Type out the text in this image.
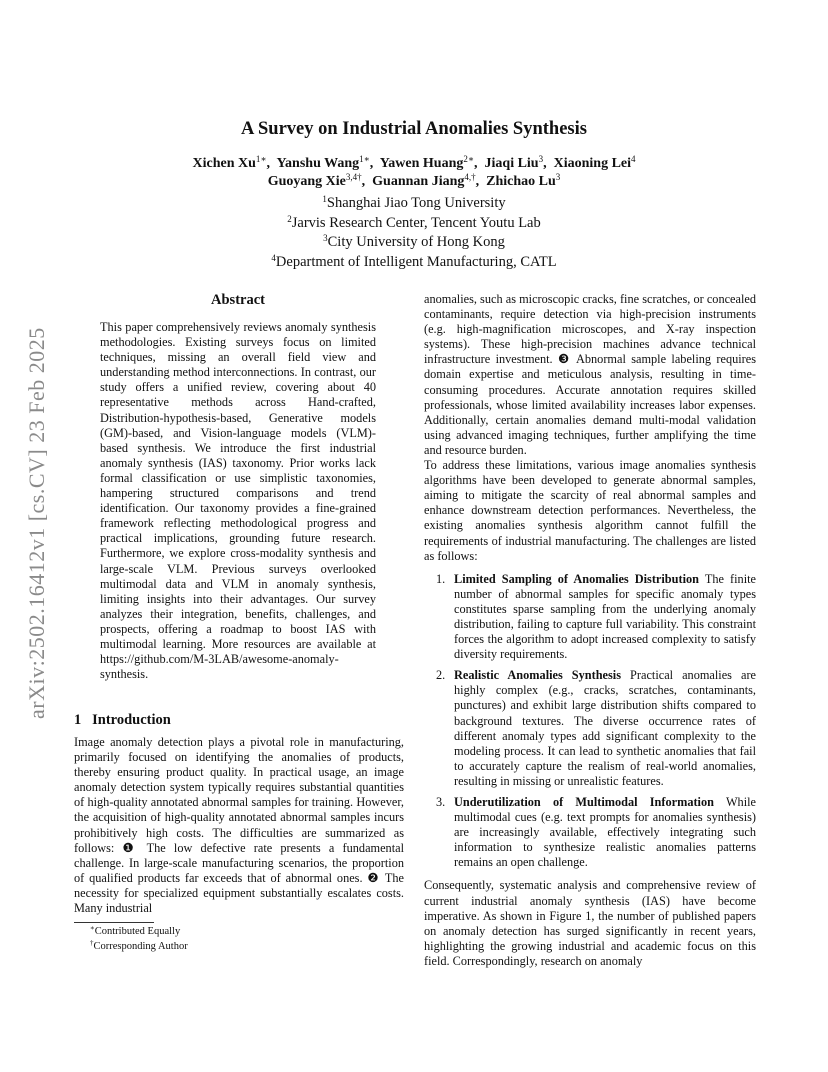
arXiv:2502.16412v1 [cs.CV] 23 Feb 2025
A Survey on Industrial Anomalies Synthesis
Xichen $Xu^{1∗}$,  Yanshu Wang$^{1∗}$,  Yawen Huang$^{2∗}$,  Jiaqi Liu$^3$,  Xiaoning Lei$^4$
Guoyang Xie$^{3,4\dagger}$,  Guannan Jiang$^{4,\dagger}$,  Zhichao Lu$^3$
$^1$Shanghai Jiao Tong University
$^2$Jarvis Research Center, Tencent Youtu Lab
$^3$City University of Hong Kong
$^4$Department of Intelligent Manufacturing, CATL
Abstract

This paper comprehensively reviews anomaly synthesis methodologies. Existing surveys focus on limited techniques, missing an overall field view and understanding method interconnections. In contrast, our study offers a unified review, covering about 40 representative methods across Hand-crafted, Distribution-hypothesis-based, Generative models (GM)-based, and Vision-language models (VLM)-based synthesis. We introduce the first industrial anomaly synthesis (IAS) taxonomy. Prior works lack formal classification or use simplistic taxonomies, hampering structured comparisons and trend identification. Our taxonomy provides a fine-grained framework reflecting methodological progress and practical implications, grounding future research. Furthermore, we explore cross-modality synthesis and large-scale VLM. Previous surveys overlooked multimodal data and VLM in anomaly synthesis, limiting insights into their advantages. Our survey analyzes their integration, benefits, challenges, and prospects, offering a roadmap to boost IAS with multimodal learning. More resources are available at https://github.com/M-3LAB/awesome-anomaly-synthesis.

1 Introduction

Image anomaly detection plays a pivotal role in manufacturing, primarily focused on identifying the anomalies of products, thereby ensuring product quality. In practical usage, an image anomaly detection system typically requires substantial quantities of high-quality annotated abnormal samples for training. However, the acquisition of high-quality annotated abnormal samples incurs prohibitively high costs. The difficulties are summarized as follows: ❶ The low defective rate presents a fundamental challenge. In large-scale manufacturing scenarios, the proportion of qualified products far exceeds that of abnormal ones. ❷ The necessity for specialized equipment substantially escalates costs. Many industrial

∗Contributed Equally
†Corresponding Author

anomalies, such as microscopic cracks, fine scratches, or concealed contaminants, require detection via high-precision instruments (e.g. high-magnification microscopes, and X-ray inspection systems). These high-precision machines advance technical infrastructure investment. ❸ Abnormal sample labeling requires domain expertise and meticulous analysis, resulting in time-consuming procedures. Accurate annotation requires skilled professionals, whose limited availability increases labor expenses. Additionally, certain anomalies demand multi-modal validation using advanced imaging techniques, further amplifying the time and resource burden.

To address these limitations, various image anomalies synthesis algorithms have been developed to generate abnormal samples, aiming to mitigate the scarcity of real abnormal samples and enhance downstream detection performances. Nevertheless, the existing anomalies synthesis algorithm cannot fulfill the requirements of industrial manufacturing. The challenges are listed as follows:

1. Limited Sampling of Anomalies Distribution The finite number of abnormal samples for specific anomaly types constitutes sparse sampling from the underlying anomaly distribution, failing to capture full variability. This constraint forces the algorithm to adopt increased complexity to satisfy diversity requirements.
2. Realistic Anomalies Synthesis Practical anomalies are highly complex (e.g., cracks, scratches, contaminants, punctures) and exhibit large distribution shifts compared to background textures. The diverse occurrence rates of different anomaly types add significant complexity to the modeling process. It can lead to synthetic anomalies that fail to accurately capture the realism of real-world anomalies, resulting in missing or unrealistic features.
3. Underutilization of Multimodal Information While multimodal cues (e.g. text prompts for anomalies synthesis) are increasingly available, effectively integrating such information to synthesize realistic anomalies patterns remains an open challenge.

Consequently, systematic analysis and comprehensive review of current industrial anomaly synthesis (IAS) have become imperative. As shown in Figure 1, the number of published papers on anomaly detection has surged significantly in recent years, highlighting the growing industrial and academic focus on this field. Correspondingly, research on anomaly
